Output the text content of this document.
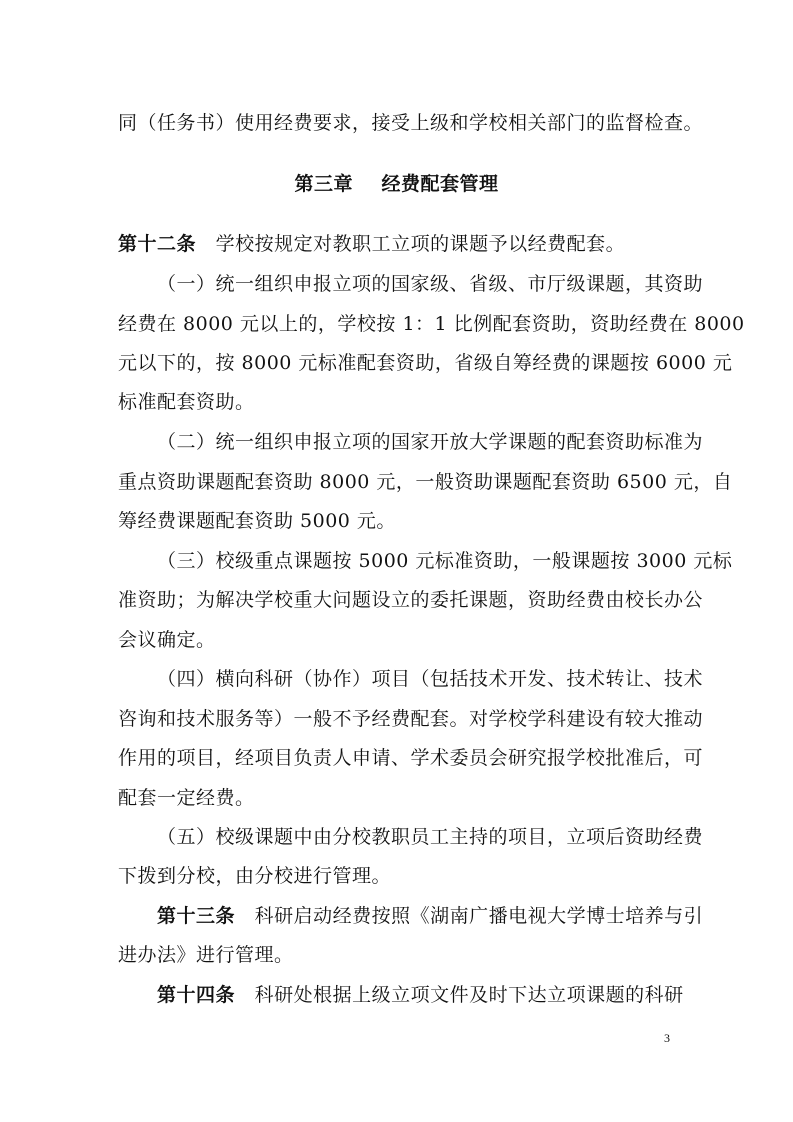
同（任务书）使用经费要求，接受上级和学校相关部门的监督检查。
第三章    经费配套管理
第十二条 学校按规定对教职工立项的课题予以经费配套。
（一）统一组织申报立项的国家级、省级、市厅级课题，其资助
经费在 8000 元以上的，学校按 1：1 比例配套资助，资助经费在 8000
元以下的，按 8000 元标准配套资助，省级自筹经费的课题按 6000 元
标准配套资助。
（二）统一组织申报立项的国家开放大学课题的配套资助标准为
重点资助课题配套资助 8000 元，一般资助课题配套资助 6500 元，自
筹经费课题配套资助 5000 元。
（三）校级重点课题按 5000 元标准资助，一般课题按 3000 元标
准资助；为解决学校重大问题设立的委托课题，资助经费由校长办公
会议确定。
（四）横向科研（协作）项目（包括技术开发、技术转让、技术
咨询和技术服务等）一般不予经费配套。对学校学科建设有较大推动
作用的项目，经项目负责人申请、学术委员会研究报学校批准后，可
配套一定经费。
（五）校级课题中由分校教职员工主持的项目，立项后资助经费
下拨到分校，由分校进行管理。
第十三条 科研启动经费按照《湖南广播电视大学博士培养与引
进办法》进行管理。
第十四条 科研处根据上级立项文件及时下达立项课题的科研
3
